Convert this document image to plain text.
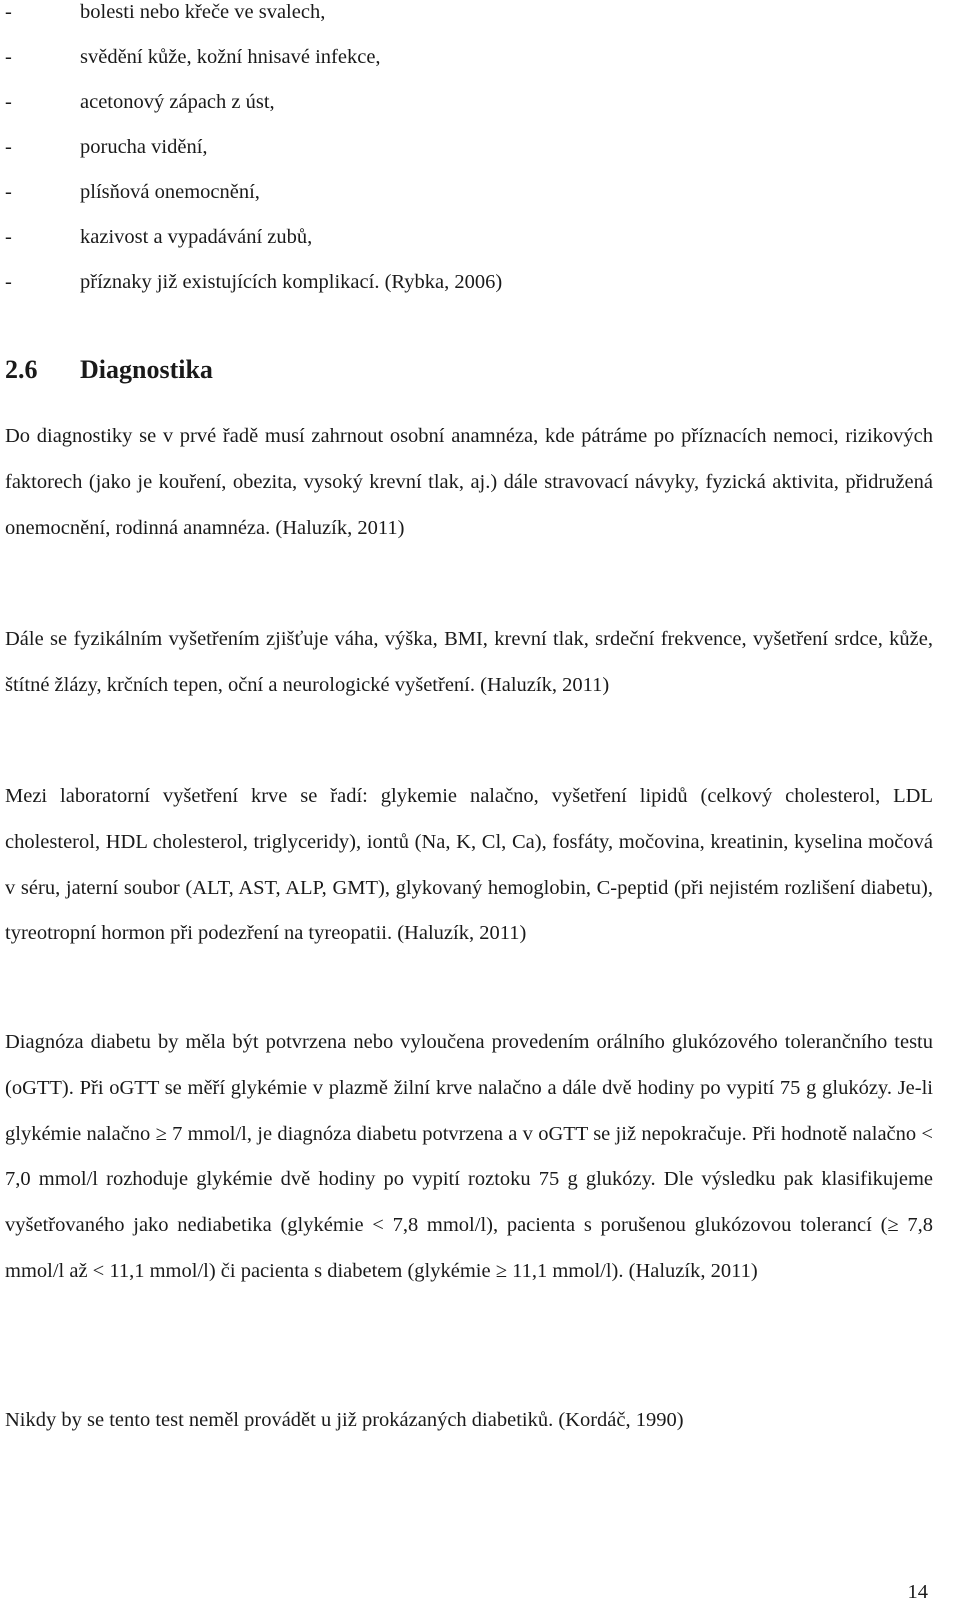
-	bolesti nebo křeče ve svalech,
-	svědění kůže, kožní hnisavé infekce,
-	acetonový zápach z úst,
-	porucha vidění,
-	plísňová onemocnění,
-	kazivost a vypadávání zubů,
-	příznaky již existujících komplikací. (Rybka, 2006)
2.6 Diagnostika

Do diagnostiky se v prvé řadě musí zahrnout osobní anamnéza, kde pátráme po příznacích nemoci, rizikových faktorech (jako je kouření, obezita, vysoký krevní tlak, aj.) dále stravovací návyky, fyzická aktivita, přidružená onemocnění, rodinná anamnéza. (Haluzík, 2011)

Dále se fyzikálním vyšetřením zjišťuje váha, výška, BMI, krevní tlak, srdeční frekvence, vyšetření srdce, kůže, štítné žlázy, krčních tepen, oční a neurologické vyšetření. (Haluzík, 2011)

Mezi laboratorní vyšetření krve se řadí: glykemie nalačno, vyšetření lipidů (celkový cholesterol, LDL cholesterol, HDL cholesterol, triglyceridy), iontů (Na, K, Cl, Ca), fosfáty, močovina, kreatinin, kyselina močová v séru, jaterní soubor (ALT, AST, ALP, GMT), glykovaný hemoglobin, C-peptid (při nejistém rozlišení diabetu), tyreotropní hormon při podezření na tyreopatii. (Haluzík, 2011)

Diagnóza diabetu by měla být potvrzena nebo vyloučena provedením orálního glukózového tolerančního testu (oGTT). Při oGTT se měří glykémie v plazmě žilní krve nalačno a dále dvě hodiny po vypití 75 g glukózy. Je-li glykémie nalačno ≥ 7 mmol/l, je diagnóza diabetu potvrzena a v oGTT se již nepokračuje. Při hodnotě nalačno < 7,0 mmol/l rozhoduje glykémie dvě hodiny po vypití roztoku 75 g glukózy. Dle výsledku pak klasifikujeme vyšetřovaného jako nediabetika (glykémie < 7,8 mmol/l), pacienta s porušenou glukózovou tolerancí (≥ 7,8 mmol/l až < 11,1 mmol/l) či pacienta s diabetem (glykémie ≥ 11,1 mmol/l). (Haluzík, 2011)

Nikdy by se tento test neměl provádět u již prokázaných diabetiků. (Kordáč, 1990)

14
